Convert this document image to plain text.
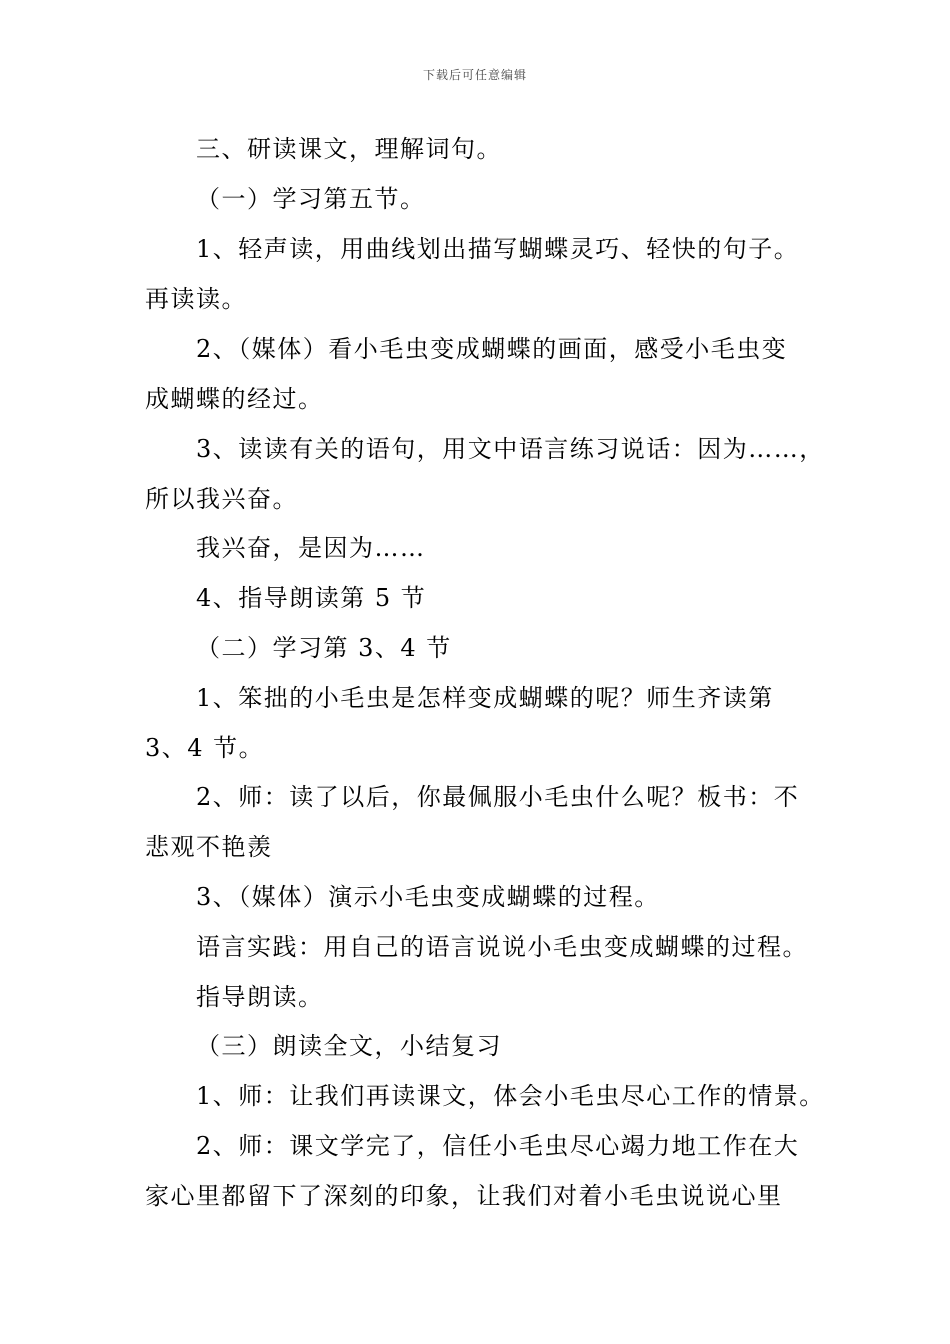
下载后可任意编辑
三、研读课文，理解词句。
（一）学习第五节。
1、轻声读，用曲线划出描写蝴蝶灵巧、轻快的句子。
再读读。
2、（媒体）看小毛虫变成蝴蝶的画面，感受小毛虫变
成蝴蝶的经过。
3、读读有关的语句，用文中语言练习说话：因为……，
所以我兴奋。
我兴奋，是因为……
4、指导朗读第 5 节
（二）学习第 3、4 节
1、笨拙的小毛虫是怎样变成蝴蝶的呢？师生齐读第
3、4 节。
2、师：读了以后，你最佩服小毛虫什么呢？板书：不
悲观不艳羡
3、（媒体）演示小毛虫变成蝴蝶的过程。
语言实践：用自己的语言说说小毛虫变成蝴蝶的过程。
指导朗读。
（三）朗读全文，小结复习
1、师：让我们再读课文，体会小毛虫尽心工作的情景。
2、师：课文学完了，信任小毛虫尽心竭力地工作在大
家心里都留下了深刻的印象，让我们对着小毛虫说说心里
